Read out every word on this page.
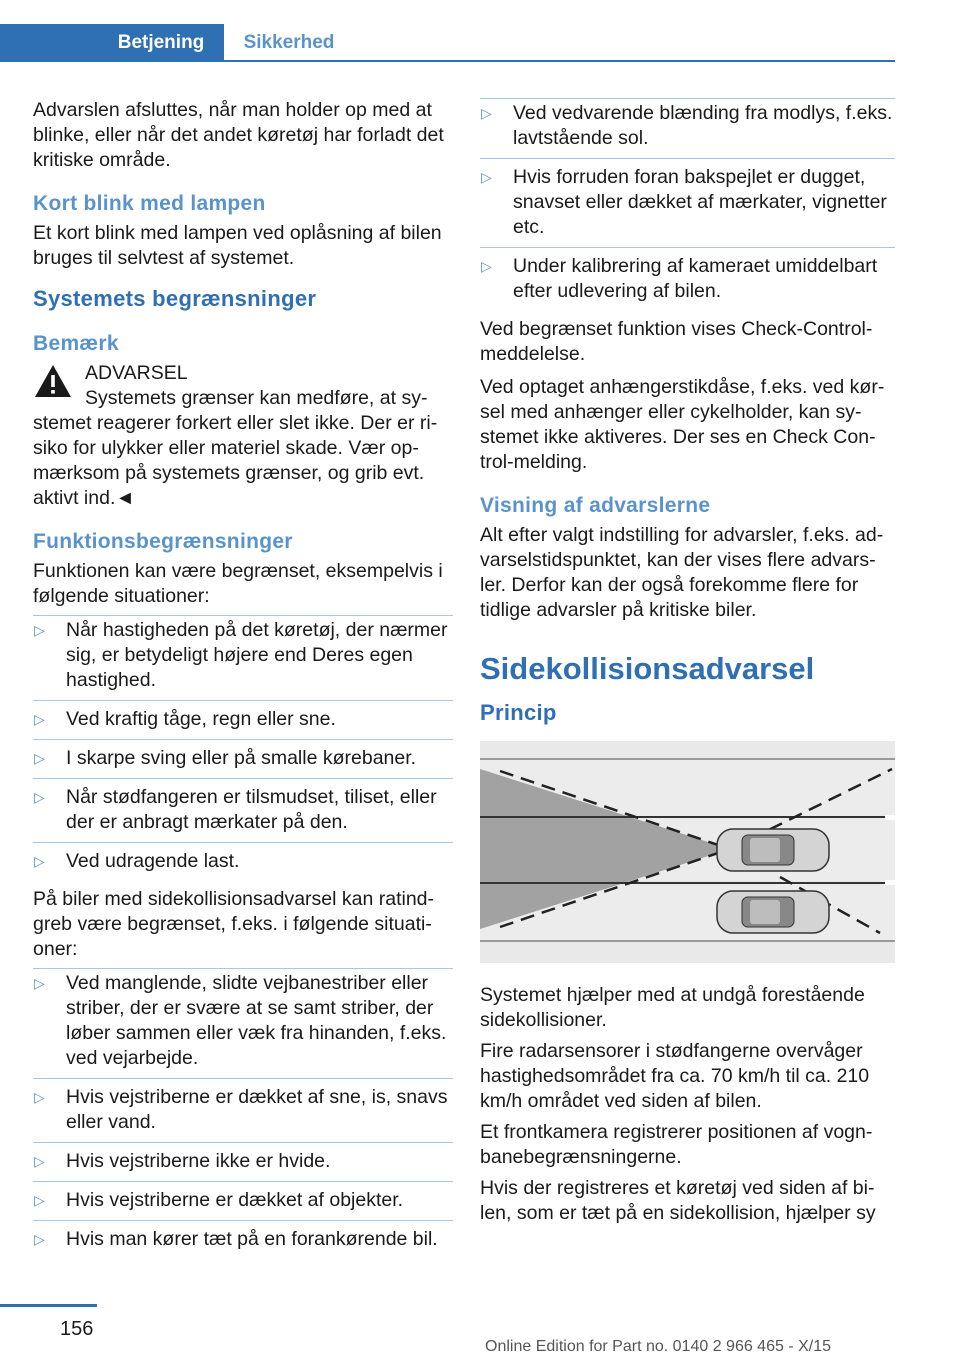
Betjening	Sikkerhed

Advarslen afsluttes, når man holder op med at blinke, eller når det andet køretøj har forladt det kritiske område.

Kort blink med lampen

Et kort blink med lampen ved oplåsning af bilen bruges til selvtest af systemet.

Systemets begrænsninger
Bemærk
ADVARSEL
Systemets grænser kan medføre, at systemet reagerer forkert eller slet ikke. Der er risiko for ulykker eller materiel skade. Vær opmærksom på systemets grænser, og grib evt. aktivt ind.◄
Funktionsbegrænsninger

Funktionen kan være begrænset, eksempelvis i følgende situationer:

▷ Når hastigheden på det køretøj, der nærmer sig, er betydeligt højere end Deres egen hastighed.
▷ Ved kraftig tåge, regn eller sne.
▷ I skarpe sving eller på smalle kørebaner.
▷ Når stødfangeren er tilsmudset, tiliset, eller der er anbragt mærkater på den.
▷ Ved udragende last.

På biler med sidekollisionsadvarsel kan ratindgreb være begrænset, f.eks. i følgende situationer:

▷ Ved manglende, slidte vejbanestriber eller striber, der er svære at se samt striber, der løber sammen eller væk fra hinanden, f.eks. ved vejarbejde.
▷ Hvis vejstriberne er dækket af sne, is, snavs eller vand.
▷ Hvis vejstriberne ikke er hvide.
▷ Hvis vejstriberne er dækket af objekter.
▷ Hvis man kører tæt på en forankørende bil.
▷ Ved vedvarende blænding fra modlys, f.eks. lavtstående sol.
▷ Hvis forruden foran bakspejlet er dugget, snavset eller dækket af mærkater, vignetter etc.
▷ Under kalibrering af kameraet umiddelbart efter udlevering af bilen.

Ved begrænset funktion vises Check-Control-meddelelse.

Ved optaget anhængerstikdåse, f.eks. ved kørsel med anhænger eller cykelholder, kan systemet ikke aktiveres. Der ses en Check Control-melding.

Visning af advarslerne

Alt efter valgt indstilling for advarsler, f.eks. advarselstidspunktet, kan der vises flere advarsler. Derfor kan der også forekomme flere for tidlige advarsler på kritiske biler.

Sidekollisionsadvarsel
Princip

Systemet hjælper med at undgå forestående sidekollisioner.

Fire radarsensorer i stødfangerne overvåger hastighedsområdet fra ca. 70 km/h til ca. 210 km/h området ved siden af bilen.

Et frontkamera registrerer positionen af vognbanebegrænsningerne.

Hvis der registreres et køretøj ved siden af bilen, som er tæt på en sidekollision, hjælper sy

156
Online Edition for Part no. 0140 2 966 465 - X/15
